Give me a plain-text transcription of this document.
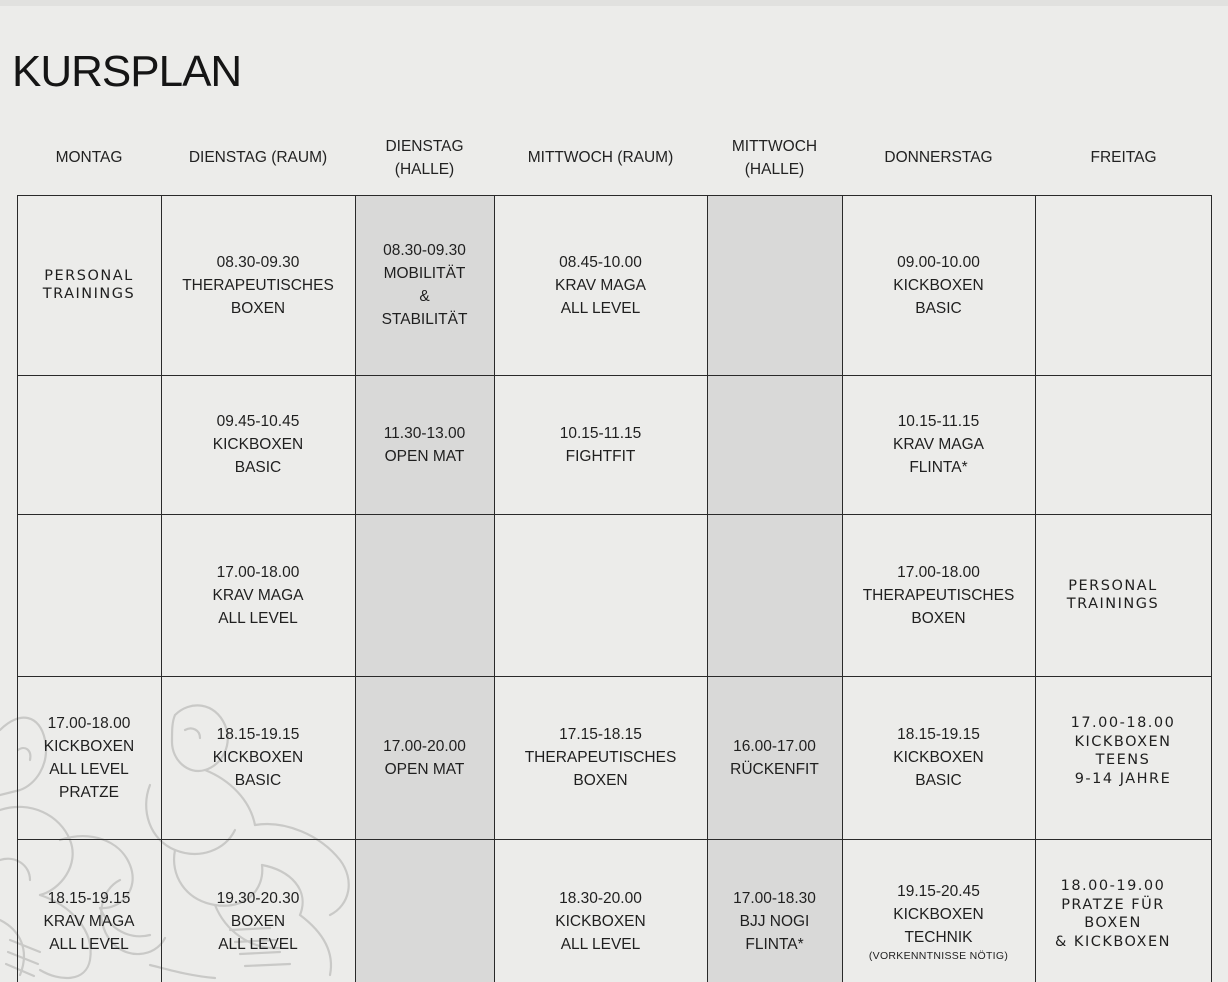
KURSPLAN
MONTAG	DIENSTAG (RAUM)
DIENSTAG
(HALLE)
MITTWOCH (RAUM)
MITTWOCH
(HALLE)
DONNERSTAG	FREITAG
PERSONAL
TRAININGS
08.30-09.30
THERAPEUTISCHES
BOXEN
08.30-09.30
MOBILITÄT
&
STABILITÄT
08.45-10.00
KRAV MAGA
ALL LEVEL
09.00-10.00
KICKBOXEN
BASIC
09.45-10.45
KICKBOXEN
BASIC
11.30-13.00
OPEN MAT
10.15-11.15
FIGHTFIT
10.15-11.15
KRAV MAGA
FLINTA*
17.00-18.00
KRAV MAGA
ALL LEVEL
17.00-18.00
THERAPEUTISCHES
BOXEN
PERSONAL
TRAININGS
17.00-18.00
KICKBOXEN
ALL LEVEL
PRATZE
18.15-19.15
KICKBOXEN
BASIC
17.00-20.00
OPEN MAT
17.15-18.15
THERAPEUTISCHES
BOXEN
16.00-17.00
RÜCKENFIT
18.15-19.15
KICKBOXEN
BASIC
17.00-18.00
KICKBOXEN
TEENS
9-14 JAHRE
18.15-19.15
KRAV MAGA
ALL LEVEL
19.30-20.30
BOXEN
ALL LEVEL
18.30-20.00
KICKBOXEN
ALL LEVEL
17.00-18.30
BJJ NOGI
FLINTA*
19.15-20.45
KICKBOXEN
TECHNIK
(VORKENNTNISSE NÖTIG)
18.00-19.00
PRATZE FÜR
BOXEN
& KICKBOXEN
